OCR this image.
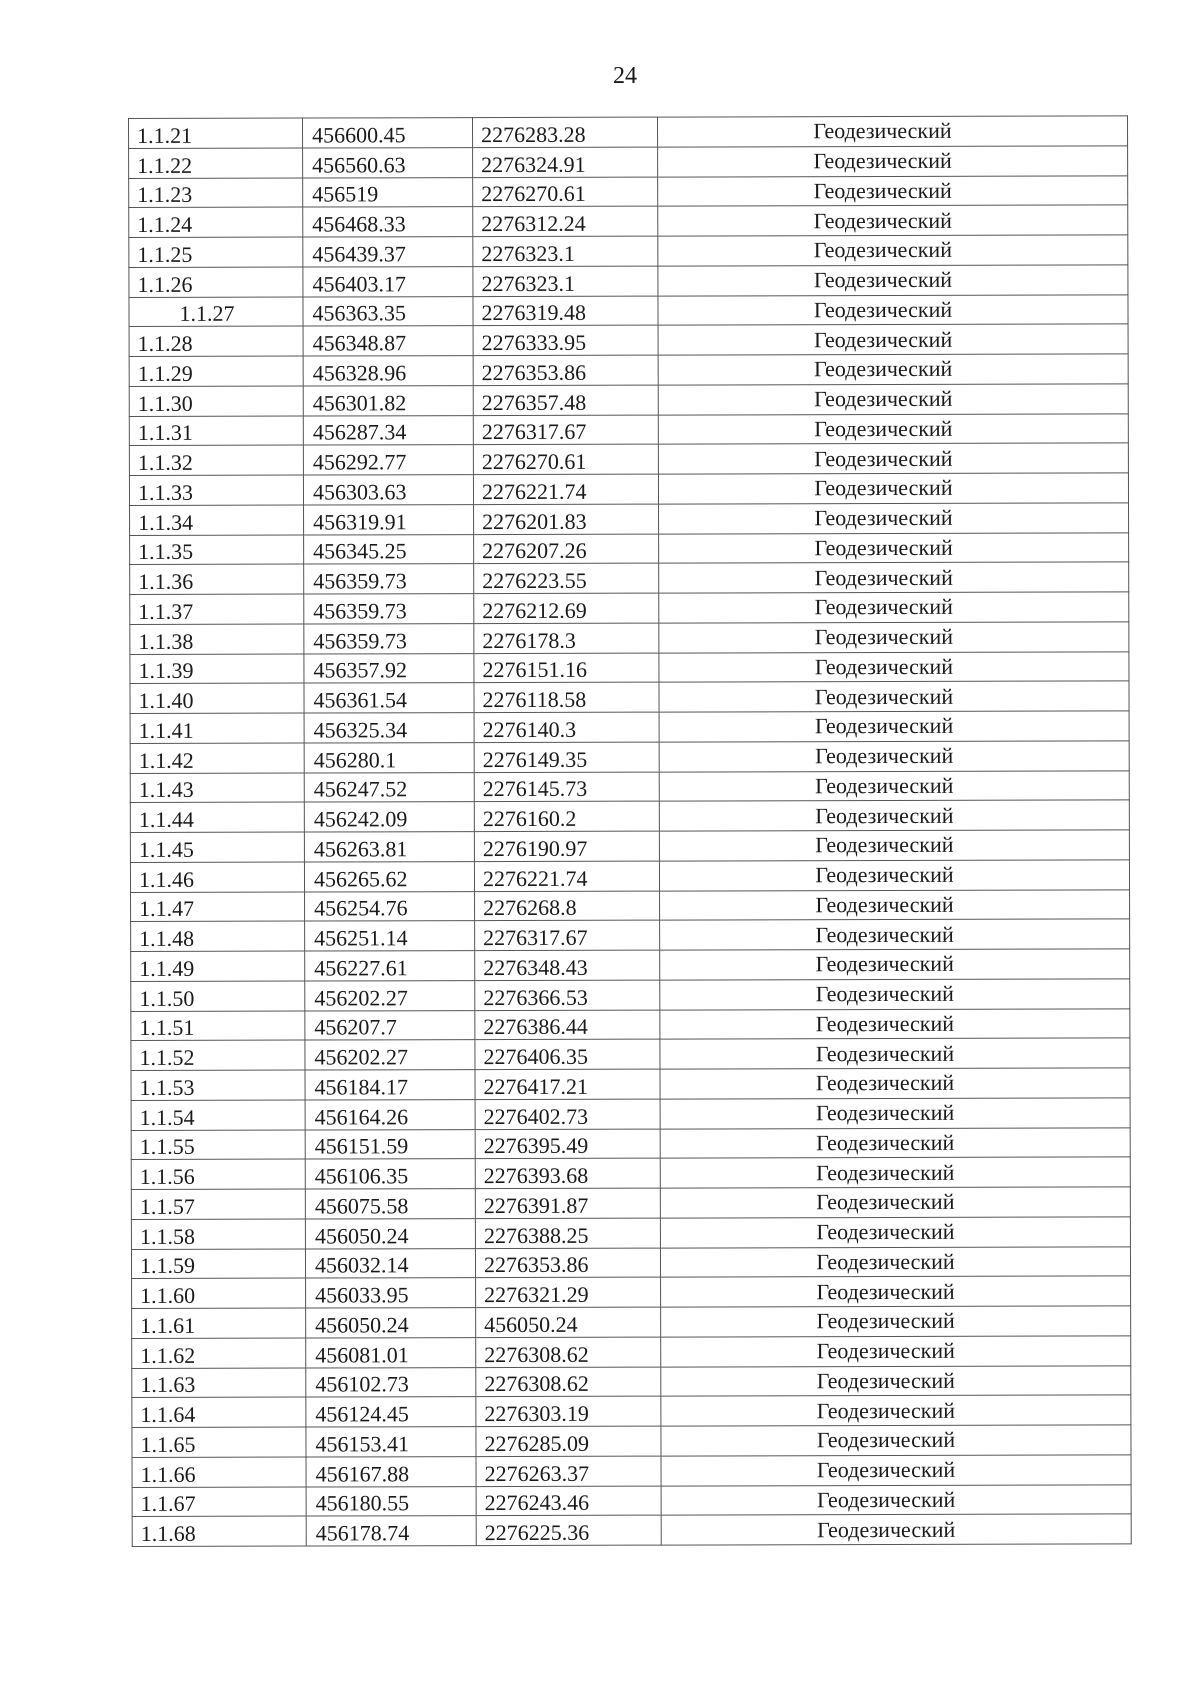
24
1.1.21	456600.45	2276283.28	Геодезический
1.1.22	456560.63	2276324.91	Геодезический
1.1.23	456519	2276270.61	Геодезический
1.1.24	456468.33	2276312.24	Геодезический
1.1.25	456439.37	2276323.1	Геодезический
1.1.26	456403.17	2276323.1	Геодезический
1.1.27	456363.35	2276319.48	Геодезический
1.1.28	456348.87	2276333.95	Геодезический
1.1.29	456328.96	2276353.86	Геодезический
1.1.30	456301.82	2276357.48	Геодезический
1.1.31	456287.34	2276317.67	Геодезический
1.1.32	456292.77	2276270.61	Геодезический
1.1.33	456303.63	2276221.74	Геодезический
1.1.34	456319.91	2276201.83	Геодезический
1.1.35	456345.25	2276207.26	Геодезический
1.1.36	456359.73	2276223.55	Геодезический
1.1.37	456359.73	2276212.69	Геодезический
1.1.38	456359.73	2276178.3	Геодезический
1.1.39	456357.92	2276151.16	Геодезический
1.1.40	456361.54	2276118.58	Геодезический
1.1.41	456325.34	2276140.3	Геодезический
1.1.42	456280.1	2276149.35	Геодезический
1.1.43	456247.52	2276145.73	Геодезический
1.1.44	456242.09	2276160.2	Геодезический
1.1.45	456263.81	2276190.97	Геодезический
1.1.46	456265.62	2276221.74	Геодезический
1.1.47	456254.76	2276268.8	Геодезический
1.1.48	456251.14	2276317.67	Геодезический
1.1.49	456227.61	2276348.43	Геодезический
1.1.50	456202.27	2276366.53	Геодезический
1.1.51	456207.7	2276386.44	Геодезический
1.1.52	456202.27	2276406.35	Геодезический
1.1.53	456184.17	2276417.21	Геодезический
1.1.54	456164.26	2276402.73	Геодезический
1.1.55	456151.59	2276395.49	Геодезический
1.1.56	456106.35	2276393.68	Геодезический
1.1.57	456075.58	2276391.87	Геодезический
1.1.58	456050.24	2276388.25	Геодезический
1.1.59	456032.14	2276353.86	Геодезический
1.1.60	456033.95	2276321.29	Геодезический
1.1.61	456050.24	456050.24	Геодезический
1.1.62	456081.01	2276308.62	Геодезический
1.1.63	456102.73	2276308.62	Геодезический
1.1.64	456124.45	2276303.19	Геодезический
1.1.65	456153.41	2276285.09	Геодезический
1.1.66	456167.88	2276263.37	Геодезический
1.1.67	456180.55	2276243.46	Геодезический
1.1.68	456178.74	2276225.36	Геодезический
